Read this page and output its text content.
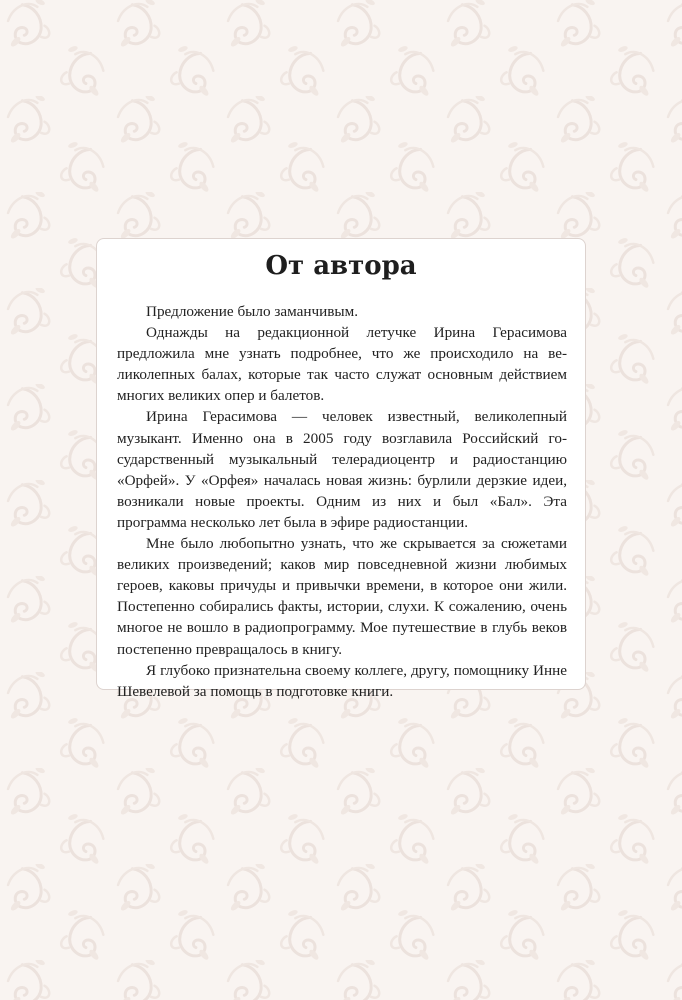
От автора

Предложение было заманчивым.

Однажды на редакционной летучке Ирина Герасимова предложила мне узнать подробнее, что же происходило на великолепных балах, которые так часто служат основным действием многих великих опер и балетов.

Ирина Герасимова — человек известный, великолепный музыкант. Именно она в 2005 году возглавила Российский государственный музыкальный телерадиоцентр и радиостанцию «Орфей». У «Орфея» началась новая жизнь: бурлили дерзкие идеи, возникали новые проекты. Одним из них и был «Бал». Эта программа несколько лет была в эфире радиостанции.

Мне было любопытно узнать, что же скрывается за сюжетами великих произведений; каков мир повседневной жизни любимых героев, каковы причуды и привычки времени, в которое они жили. Постепенно собирались факты, истории, слухи. К сожалению, очень многое не вошло в радиопрограмму. Мое путешествие в глубь веков постепенно превращалось в книгу.

Я глубоко признательна своему коллеге, другу, помощнику Инне Шевелевой за помощь в подготовке книги.
